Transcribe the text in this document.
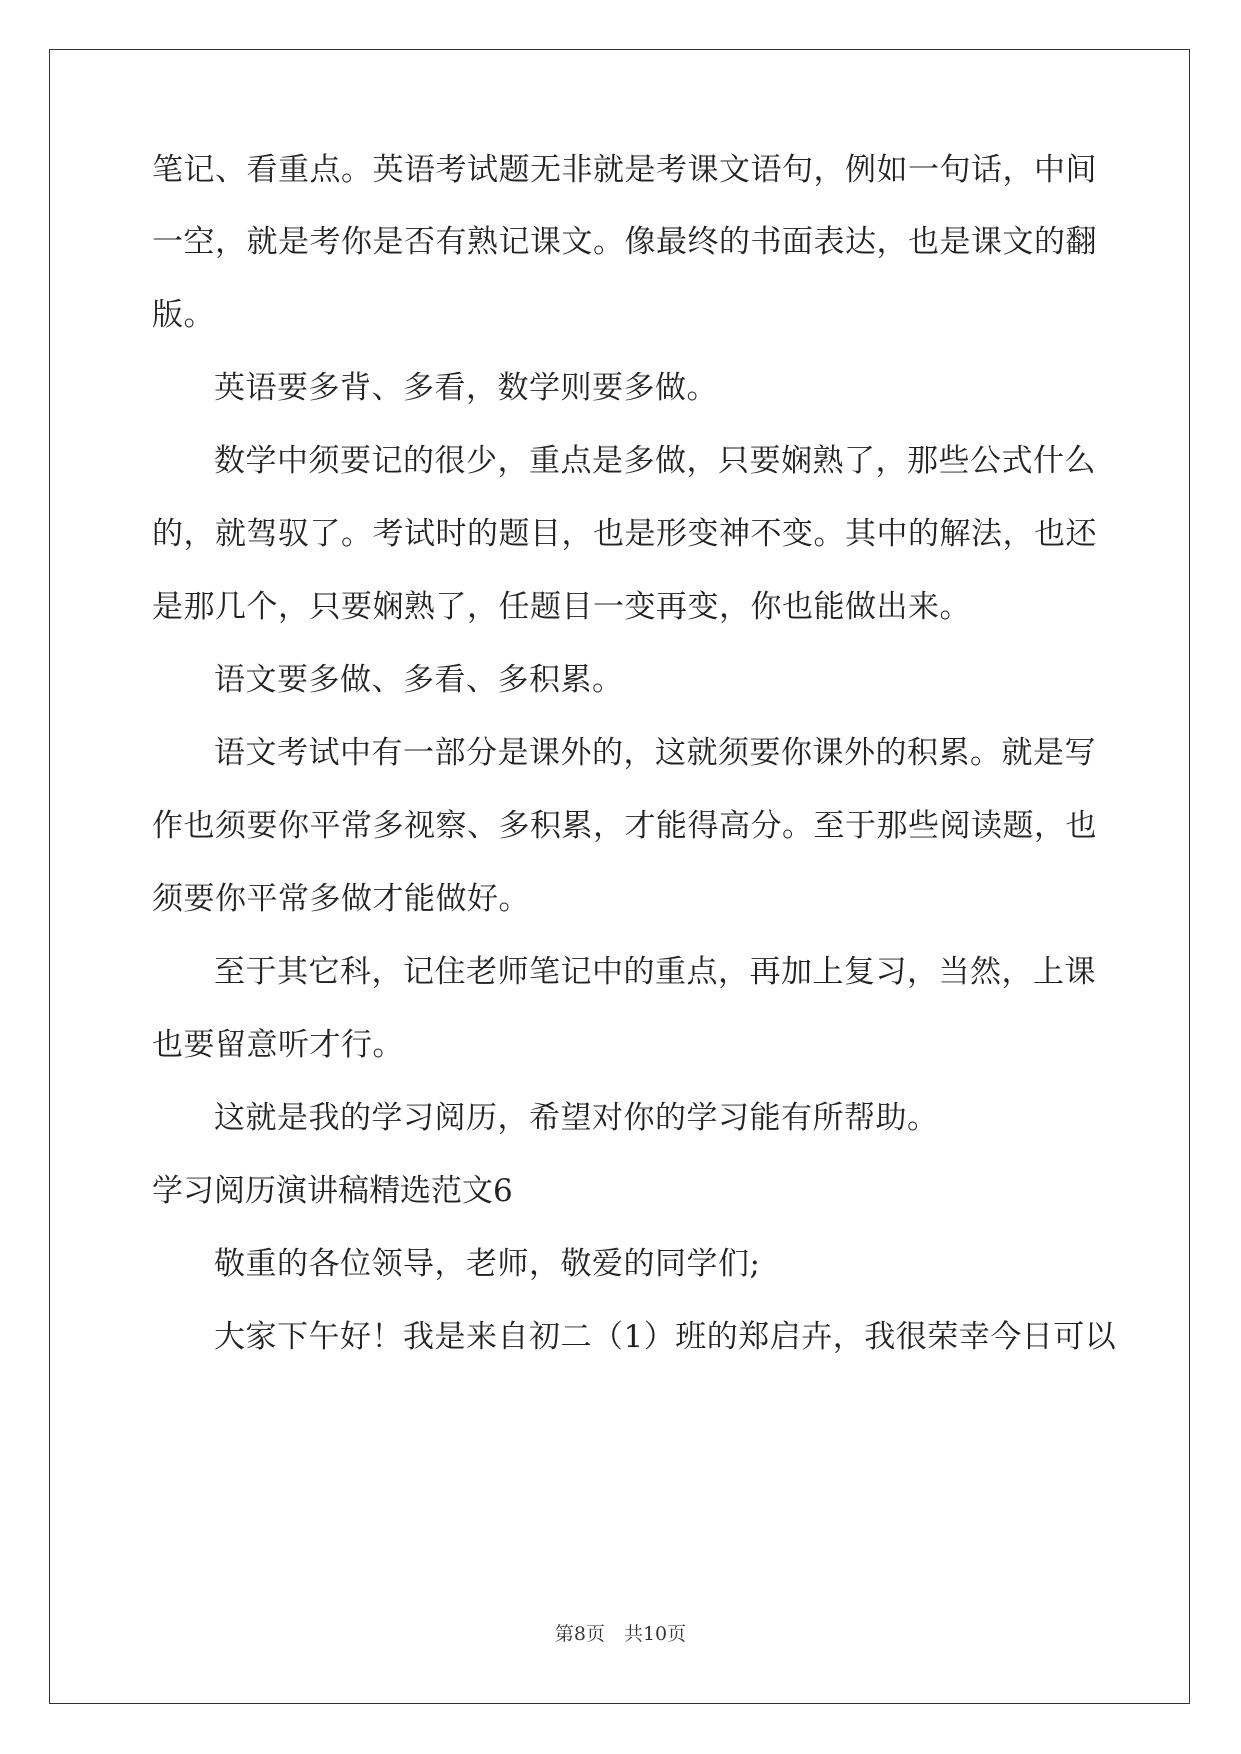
笔记、看重点。英语考试题无非就是考课文语句，例如一句话，中间
一空，就是考你是否有熟记课文。像最终的书面表达，也是课文的翻
版。
英语要多背、多看，数学则要多做。
数学中须要记的很少，重点是多做，只要娴熟了，那些公式什么
的，就驾驭了。考试时的题目，也是形变神不变。其中的解法，也还
是那几个，只要娴熟了，任题目一变再变，你也能做出来。
语文要多做、多看、多积累。
语文考试中有一部分是课外的，这就须要你课外的积累。就是写
作也须要你平常多视察、多积累，才能得高分。至于那些阅读题，也
须要你平常多做才能做好。
至于其它科，记住老师笔记中的重点，再加上复习，当然，上课
也要留意听才行。
这就是我的学习阅历，希望对你的学习能有所帮助。
学习阅历演讲稿精选范文6
敬重的各位领导，老师，敬爱的同学们;
大家下午好！我是来自初二（1）班的郑启卉，我很荣幸今日可以
第8页　共10页
